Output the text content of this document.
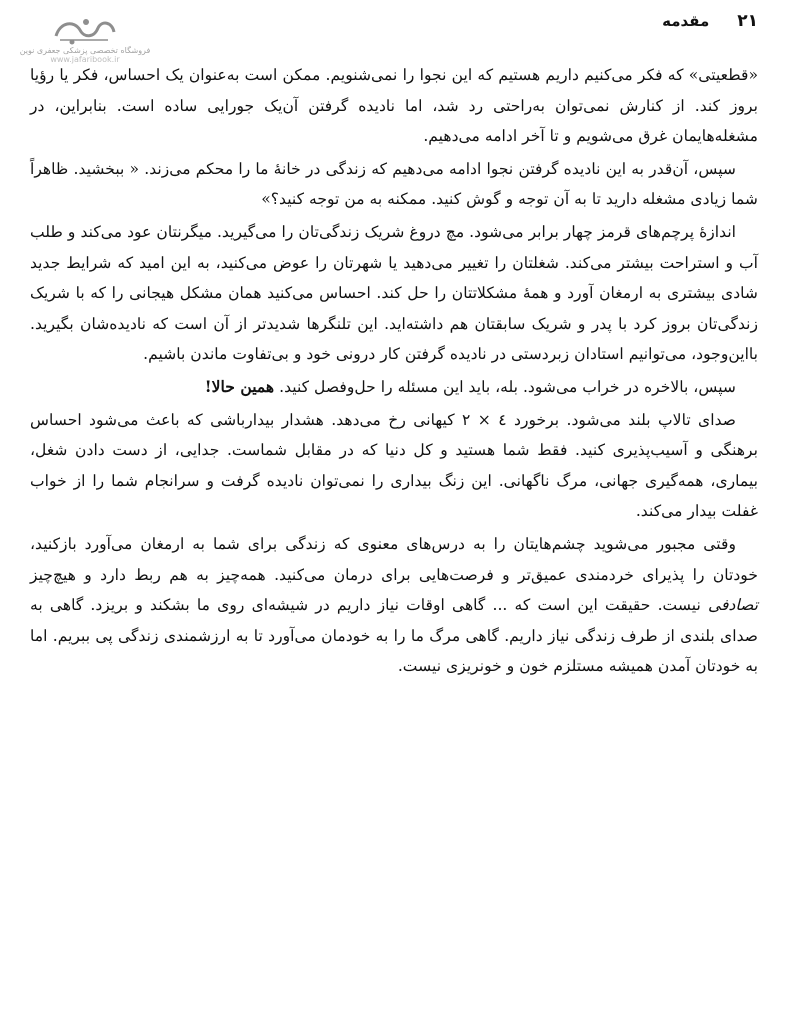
۲۱
مقدمه
فروشگاه تخصصی پزشکی جعفری نوین
www.jafaribook.ir

«قطعیتی» که فکر می‌کنیم داریم هستیم که این نجوا را نمی‌شنویم. ممکن است به‌عنوان یک احساس، فکر یا رؤیا بروز کند. از کنارش نمی‌توان به‌راحتی رد شد، اما نادیده گرفتن آن‌یک جورایی ساده است. بنابراین، در مشغله‌هایمان غرق می‌شویم و تا آخر ادامه می‌دهیم.

سپس، آن‌قدر به این نادیده گرفتن نجوا ادامه می‌دهیم که زندگی در خانهٔ ما را محکم می‌زند. « ببخشید. ظاهراً شما زیادی مشغله دارید تا به آن توجه و گوش کنید. ممکنه به من توجه کنید؟»

اندازهٔ پرچم‌های قرمز چهار برابر می‌شود. مچ دروغ شریک زندگی‌تان را می‌گیرید. میگرنتان عود می‌کند و طلب آب و استراحت بیشتر می‌کند. شغلتان را تغییر می‌دهید یا شهرتان را عوض می‌کنید، به این امید که شرایط جدید شادی بیشتری به ارمغان آورد و همهٔ مشکلاتتان را حل کند. احساس می‌کنید همان مشکل هیجانی را که با شریک زندگی‌تان بروز کرد با پدر و شریک سابقتان هم داشته‌اید. این تلنگرها شدیدتر از آن است که نادیده‌شان بگیرید. بااین‌وجود، می‌توانیم استادان زبردستی در نادیده گرفتن کار درونی خود و بی‌تفاوت ماندن باشیم.

سپس، بالاخره در خراب می‌شود. بله، باید این مسئله را حل‌وفصل کنید. همین حالا!

صدای تالاپ بلند می‌شود. برخورد ٤ × ٢ کیهانی رخ می‌دهد. هشدار بیدارباشی که باعث می‌شود احساس برهنگی و آسیب‌پذیری کنید. فقط شما هستید و کل دنیا که در مقابل شماست. جدایی، از دست دادن شغل، بیماری، همه‌گیری جهانی، مرگ ناگهانی. این زنگ بیداری را نمی‌توان نادیده گرفت و سرانجام شما را از خواب غفلت بیدار می‌کند.

وقتی مجبور می‌شوید چشم‌هایتان را به درس‌های معنوی که زندگی برای شما به ارمغان می‌آورد بازکنید، خودتان را پذیرای خردمندی عمیق‌تر و فرصت‌هایی برای درمان می‌کنید. همه‌چیز به هم ربط دارد و هیچ‌چیز تصادفی نیست. حقیقت این است که ... گاهی اوقات نیاز داریم در شیشه‌ای روی ما بشکند و بریزد. گاهی به صدای بلندی از طرف زندگی نیاز داریم. گاهی مرگ ما را به خودمان می‌آورد تا به ارزشمندی زندگی پی ببریم. اما به خودتان آمدن همیشه مستلزم خون و خونریزی نیست.
